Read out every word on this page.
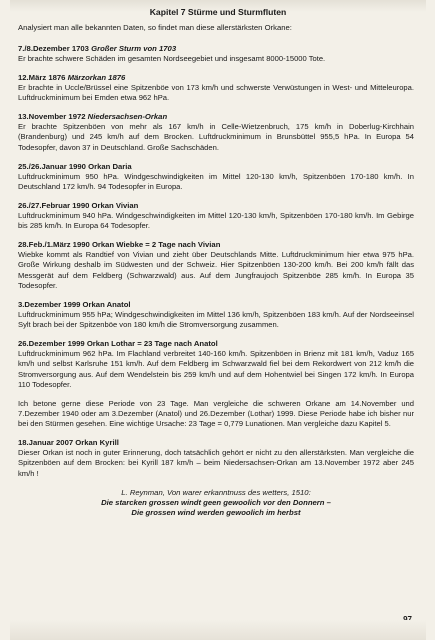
Kapitel 7 Stürme und Sturmfluten
Analysiert man alle bekannten Daten, so findet man diese allerstärksten Orkane:
7./8.Dezember 1703 Großer Sturm von 1703

Er brachte schwere Schäden im gesamten Nordseegebiet und insgesamt 8000-15000 Tote.

12.März 1876 Märzorkan 1876

Er brachte in Uccle/Brüssel eine Spitzenböe von 173 km/h und schwerste Verwüstungen in West- und Mitteleuropa. Luftdruckminimum bei Emden etwa 962 hPa.

13.November 1972 Niedersachsen-Orkan

Er brachte Spitzenböen von mehr als 167 km/h in Celle-Wietzenbruch, 175 km/h in Doberlug-Kirchhain (Brandenburg) und 245 km/h auf dem Brocken. Luftdruckminimum in Brunsbüttel 955,5 hPa. In Europa 54 Todesopfer, davon 37 in Deutschland. Große Sachschäden.

25./26.Januar 1990 Orkan Daria

Luftdruckminimum 950 hPa. Windgeschwindigkeiten im Mittel 120-130 km/h, Spitzenböen 170-180 km/h. In Deutschland 172 km/h. 94 Todesopfer in Europa.

26./27.Februar 1990 Orkan Vivian

Luftdruckminimum 940 hPa. Windgeschwindigkeiten im Mittel 120-130 km/h, Spitzenböen 170-180 km/h. Im Gebirge bis 285 km/h. In Europa 64 Todesopfer.

28.Feb./1.März 1990 Orkan Wiebke = 2 Tage nach Vivian

Wiebke kommt als Randtief von Vivian und zieht über Deutschlands Mitte. Luftdruckminimum hier etwa 975 hPa. Große Wirkung deshalb im Südwesten und der Schweiz. Hier Spitzenböen 130-200 km/h. Bei 200 km/h fällt das Messgerät auf dem Feldberg (Schwarzwald) aus. Auf dem Jungfraujoch Spitzenböe 285 km/h. In Europa 35 Todesopfer.

3.Dezember 1999 Orkan Anatol

Luftdruckminimum 955 hPa; Windgeschwindigkeiten im Mittel 136 km/h, Spitzenböen 183 km/h. Auf der Nordseeinsel Sylt brach bei der Spitzenböe von 180 km/h die Stromversorgung zusammen.

26.Dezember 1999 Orkan Lothar = 23 Tage nach Anatol

Luftdruckminimum 962 hPa. Im Flachland verbreitet 140-160 km/h. Spitzenböen in Brienz mit 181 km/h, Vaduz 165 km/h und selbst Karlsruhe 151 km/h. Auf dem Feldberg im Schwarzwald fiel bei dem Rekordwert von 212 km/h die Stromversorgung aus. Auf dem Wendelstein bis 259 km/h und auf dem Hohentwiel bei Singen 172 km/h. In Europa 110 Todesopfer.

Ich betone gerne diese Periode von 23 Tage. Man vergleiche die schweren Orkane am 14.November und 7.Dezember 1940 oder am 3.Dezember (Anatol) und 26.Dezember (Lothar) 1999. Diese Periode habe ich bisher nur bei den Stürmen gesehen. Eine wichtige Ursache: 23 Tage = 0,779 Lunationen. Man vergleiche dazu Kapitel 5.

18.Januar 2007 Orkan Kyrill

Dieser Orkan ist noch in guter Erinnerung, doch tatsächlich gehört er nicht zu den allerstärksten. Man vergleiche die Spitzenböen auf dem Brocken: bei Kyrill 187 km/h – beim Niedersachsen-Orkan am 13.November 1972 aber 245 km/h !

L. Reynman, Von warer erkanntnuss des wetters, 1510:
Die starcken grossen windt geen gewoolich vor den Donnern –
Die grossen wind werden gewoolich im herbst
